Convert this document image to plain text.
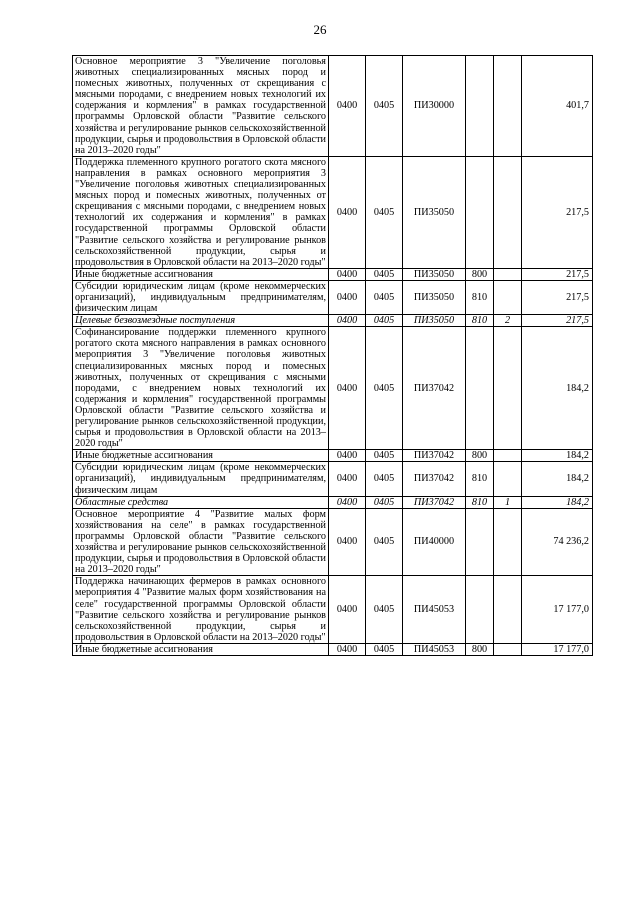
26
Основное мероприятие 3 "Увеличение поголовья животных специализированных мясных пород и помесных животных, полученных от скрещивания с мясными породами, с внедрением новых технологий их содержания и кормления" в рамках государственной программы Орловской области "Развитие сельского хозяйства и регулирование рынков сельскохозяйственной продукции, сырья и продовольствия в Орловской области на 2013–2020 годы"	0400	0405	ПИ30000			401,7
Поддержка племенного крупного рогатого скота мясного направления в рамках основного мероприятия 3 "Увеличение поголовья животных специализированных мясных пород и помесных животных, полученных от скрещивания с мясными породами, с внедрением новых технологий их содержания и кормления" в рамках государственной программы Орловской области "Развитие сельского хозяйства и регулирование рынков сельскохозяйственной продукции, сырья и продовольствия в Орловской области на 2013–2020 годы"	0400	0405	ПИ35050			217,5
Иные бюджетные ассигнования	0400	0405	ПИ35050	800		217,5
Субсидии юридическим лицам (кроме некоммерческих организаций), индивидуальным предпринимателям, физическим лицам	0400	0405	ПИ35050	810		217,5
Целевые безвозмездные поступления	0400	0405	ПИ35050	810	2	217,5
Софинансирование поддержки племенного крупного рогатого скота мясного направления в рамках основного мероприятия 3 "Увеличение поголовья животных специализированных мясных пород и помесных животных, полученных от скрещивания с мясными породами, с внедрением новых технологий их содержания и кормления" государственной программы Орловской области "Развитие сельского хозяйства и регулирование рынков сельскохозяйственной продукции, сырья и продовольствия в Орловской области на 2013–2020 годы"	0400	0405	ПИ37042			184,2
Иные бюджетные ассигнования	0400	0405	ПИ37042	800		184,2
Субсидии юридическим лицам (кроме некоммерческих организаций), индивидуальным предпринимателям, физическим лицам	0400	0405	ПИ37042	810		184,2
Областные средства	0400	0405	ПИ37042	810	1	184,2
Основное мероприятие 4 "Развитие малых форм хозяйствования на селе" в рамках государственной программы Орловской области "Развитие сельского хозяйства и регулирование рынков сельскохозяйственной продукции, сырья и продовольствия в Орловской области на 2013–2020 годы"	0400	0405	ПИ40000			74 236,2
Поддержка начинающих фермеров в рамках основного мероприятия 4 "Развитие малых форм хозяйствования на селе" государственной программы Орловской области "Развитие сельского хозяйства и регулирование рынков сельскохозяйственной продукции, сырья и продовольствия в Орловской области на 2013–2020 годы"	0400	0405	ПИ45053			17 177,0
Иные бюджетные ассигнования	0400	0405	ПИ45053	800		17 177,0
